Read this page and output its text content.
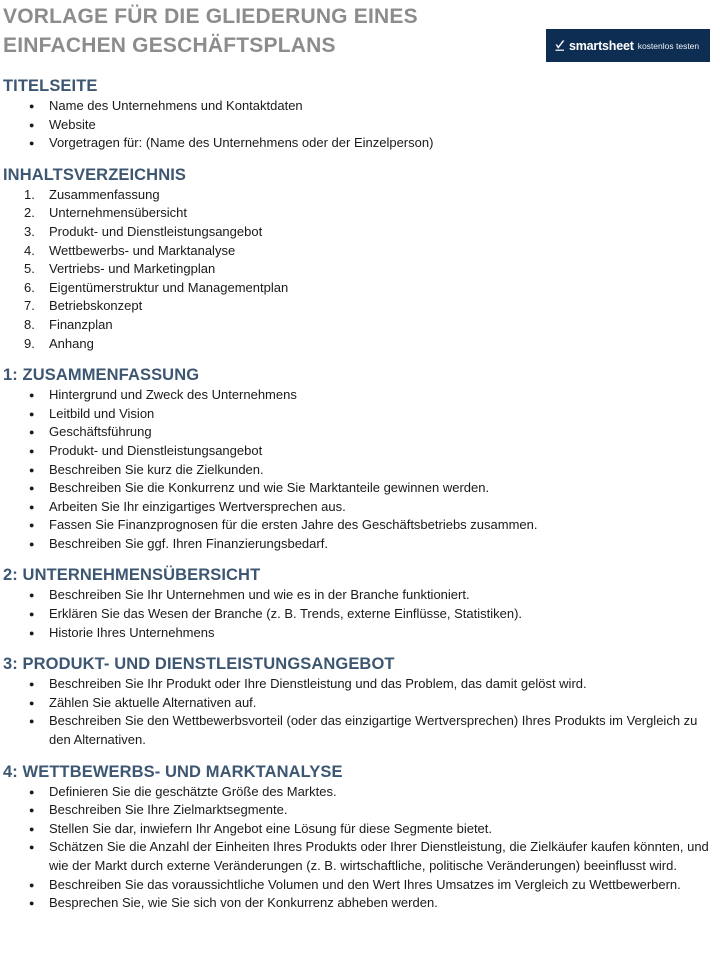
VORLAGE FÜR DIE GLIEDERUNG EINES
EINFACHEN GESCHÄFTSPLANS	smartsheet kostenlos testen
TITELSEITE
● Name des Unternehmens und Kontaktdaten
● Website
● Vorgetragen für: (Name des Unternehmens oder der Einzelperson)
INHALTSVERZEICHNIS
1. Zusammenfassung
2. Unternehmensübersicht
3. Produkt- und Dienstleistungsangebot
4. Wettbewerbs- und Marktanalyse
5. Vertriebs- und Marketingplan
6. Eigentümerstruktur und Managementplan
7. Betriebskonzept
8. Finanzplan
9. Anhang
1: ZUSAMMENFASSUNG
● Hintergrund und Zweck des Unternehmens
● Leitbild und Vision
● Geschäftsführung
● Produkt- und Dienstleistungsangebot
● Beschreiben Sie kurz die Zielkunden.
● Beschreiben Sie die Konkurrenz und wie Sie Marktanteile gewinnen werden.
● Arbeiten Sie Ihr einzigartiges Wertversprechen aus.
● Fassen Sie Finanzprognosen für die ersten Jahre des Geschäftsbetriebs zusammen.
● Beschreiben Sie ggf. Ihren Finanzierungsbedarf.
2: UNTERNEHMENSÜBERSICHT
● Beschreiben Sie Ihr Unternehmen und wie es in der Branche funktioniert.
● Erklären Sie das Wesen der Branche (z. B. Trends, externe Einflüsse, Statistiken).
● Historie Ihres Unternehmens
3: PRODUKT- UND DIENSTLEISTUNGSANGEBOT
● Beschreiben Sie Ihr Produkt oder Ihre Dienstleistung und das Problem, das damit gelöst wird.
● Zählen Sie aktuelle Alternativen auf.
● Beschreiben Sie den Wettbewerbsvorteil (oder das einzigartige Wertversprechen) Ihres Produkts im Vergleich zu den Alternativen.
4: WETTBEWERBS- UND MARKTANALYSE
● Definieren Sie die geschätzte Größe des Marktes.
● Beschreiben Sie Ihre Zielmarktsegmente.
● Stellen Sie dar, inwiefern Ihr Angebot eine Lösung für diese Segmente bietet.
● Schätzen Sie die Anzahl der Einheiten Ihres Produkts oder Ihrer Dienstleistung, die Zielkäufer kaufen könnten, und wie der Markt durch externe Veränderungen (z. B. wirtschaftliche, politische Veränderungen) beeinflusst wird.
● Beschreiben Sie das voraussichtliche Volumen und den Wert Ihres Umsatzes im Vergleich zu Wettbewerbern.
● Besprechen Sie, wie Sie sich von der Konkurrenz abheben werden.
